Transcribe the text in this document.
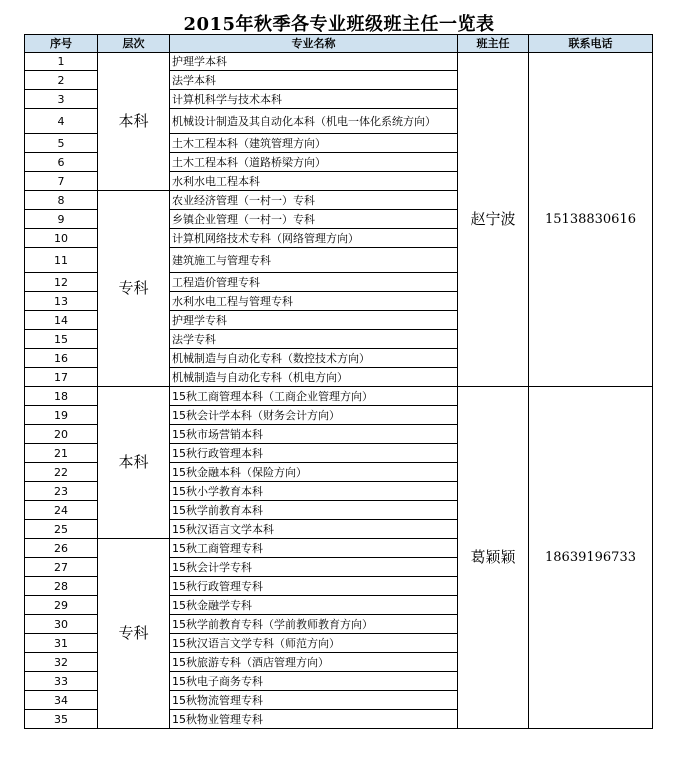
2015年秋季各专业班级班主任一览表
序号	层次	专业名称	班主任	联系电话
1	本科	护理学本科	赵宁波	15138830616
2		法学本科		
3		计算机科学与技术本科		
4		机械设计制造及其自动化本科（机电一体化系统方向）		
5		土木工程本科（建筑管理方向）		
6		土木工程本科（道路桥梁方向）		
7		水利水电工程本科		
8	专科	农业经济管理（一村一）专科		
9		乡镇企业管理（一村一）专科		
10		计算机网络技术专科（网络管理方向）		
11		建筑施工与管理专科		
12		工程造价管理专科		
13		水利水电工程与管理专科		
14		护理学专科		
15		法学专科		
16		机械制造与自动化专科（数控技术方向）		
17		机械制造与自动化专科（机电方向）		
18	本科	15秋工商管理本科（工商企业管理方向）	葛颖颖	18639196733
19		15秋会计学本科（财务会计方向）		
20		15秋市场营销本科		
21		15秋行政管理本科		
22		15秋金融本科（保险方向）		
23		15秋小学教育本科		
24		15秋学前教育本科		
25		15秋汉语言文学本科		
26	专科	15秋工商管理专科		
27		15秋会计学专科		
28		15秋行政管理专科		
29		15秋金融学专科		
30		15秋学前教育专科（学前教师教育方向）		
31		15秋汉语言文学专科（师范方向）		
32		15秋旅游专科（酒店管理方向）		
33		15秋电子商务专科		
34		15秋物流管理专科		
35		15秋物业管理专科		
